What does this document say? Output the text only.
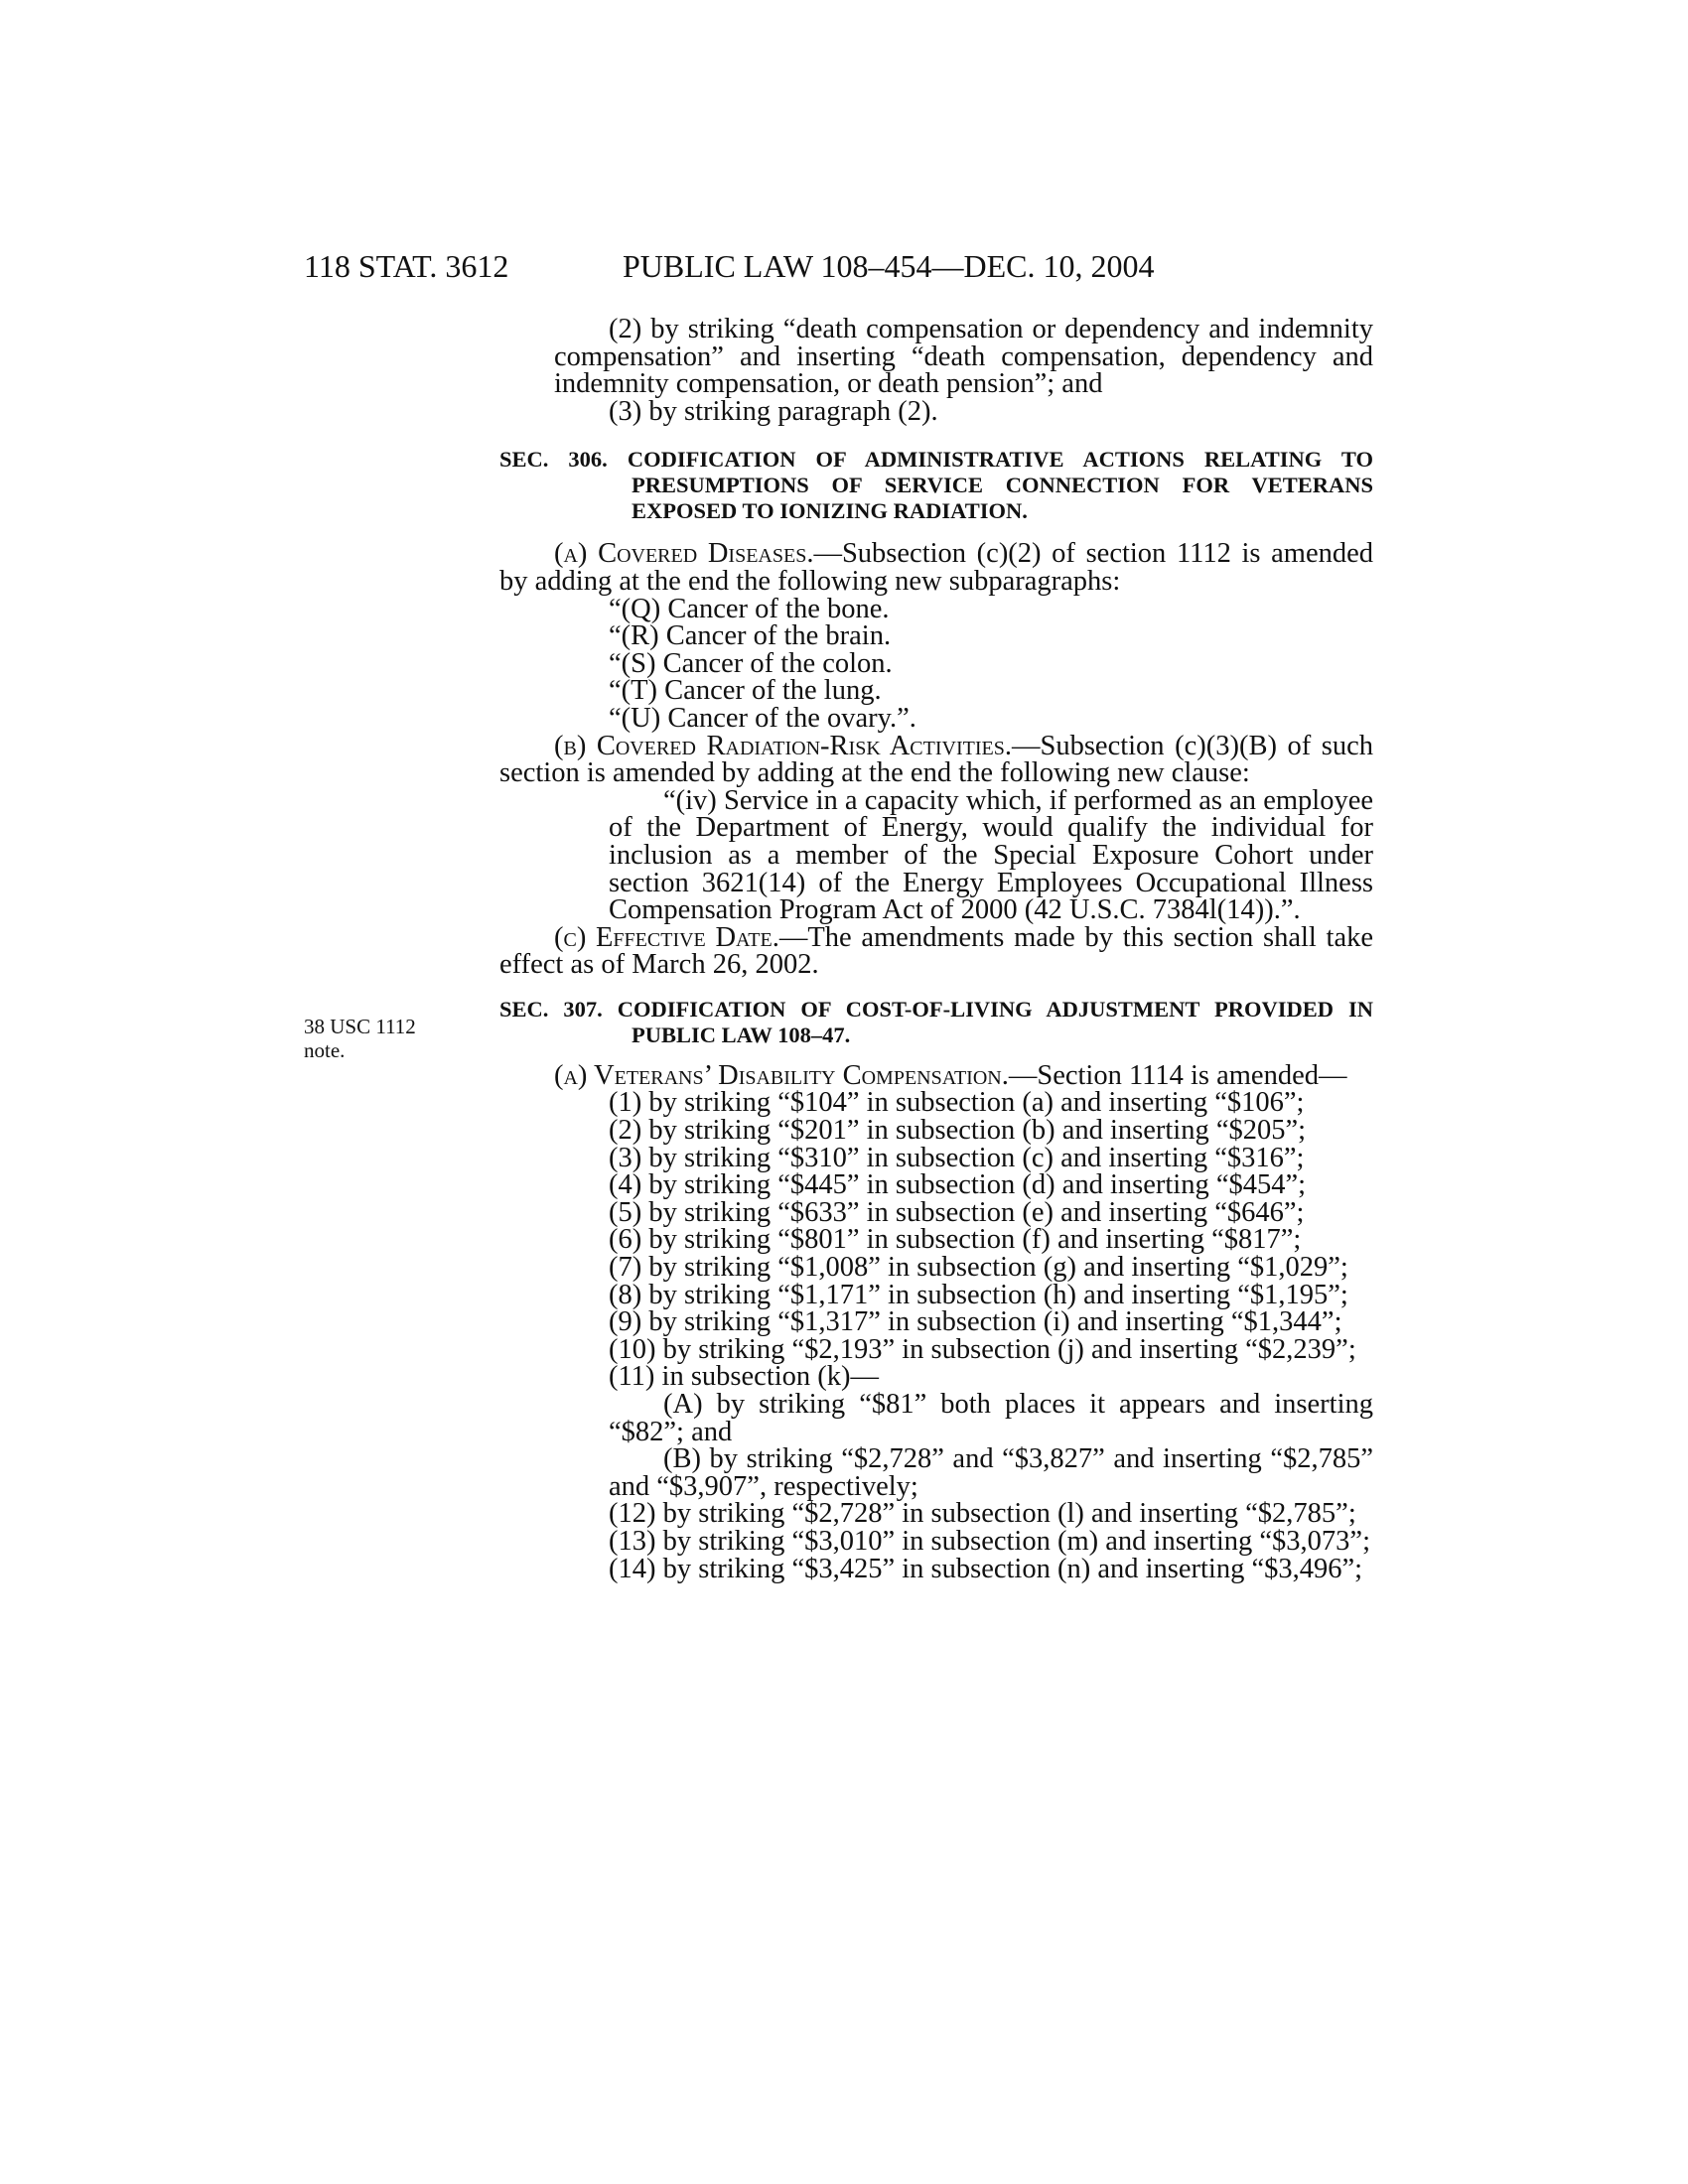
118 STAT. 3612	PUBLIC LAW 108–454—DEC. 10, 2004
38 USC 1112
note.

(2) by striking “death compensation or dependency and indemnity compensation” and inserting “death compensation, dependency and indemnity compensation, or death pension”; and

(3) by striking paragraph (2).

SEC. 306. CODIFICATION OF ADMINISTRATIVE ACTIONS RELATING TO PRESUMPTIONS OF SERVICE CONNECTION FOR VETERANS EXPOSED TO IONIZING RADIATION.

(a) Covered Diseases.—Subsection (c)(2) of section 1112 is amended by adding at the end the following new subparagraphs:

“(Q) Cancer of the bone.

“(R) Cancer of the brain.

“(S) Cancer of the colon.

“(T) Cancer of the lung.

“(U) Cancer of the ovary.”.

(b) Covered Radiation-Risk Activities.—Subsection (c)(3)(B) of such section is amended by adding at the end the following new clause:

“(iv) Service in a capacity which, if performed as an employee of the Department of Energy, would qualify the individual for inclusion as a member of the Special Exposure Cohort under section 3621(14) of the Energy Employees Occupational Illness Compensation Program Act of 2000 (42 U.S.C. 7384l(14)).”.

(c) Effective Date.—The amendments made by this section shall take effect as of March 26, 2002.

SEC. 307. CODIFICATION OF COST-OF-LIVING ADJUSTMENT PROVIDED IN PUBLIC LAW 108–47.

(a) Veterans’ Disability Compensation.—Section 1114 is amended—

(1) by striking “$104” in subsection (a) and inserting “$106”;

(2) by striking “$201” in subsection (b) and inserting “$205”;

(3) by striking “$310” in subsection (c) and inserting “$316”;

(4) by striking “$445” in subsection (d) and inserting “$454”;

(5) by striking “$633” in subsection (e) and inserting “$646”;

(6) by striking “$801” in subsection (f) and inserting “$817”;

(7) by striking “$1,008” in subsection (g) and inserting “$1,029”;

(8) by striking “$1,171” in subsection (h) and inserting “$1,195”;

(9) by striking “$1,317” in subsection (i) and inserting “$1,344”;

(10) by striking “$2,193” in subsection (j) and inserting “$2,239”;

(11) in subsection (k)—

(A) by striking “$81” both places it appears and inserting “$82”; and

(B) by striking “$2,728” and “$3,827” and inserting “$2,785” and “$3,907”, respectively;

(12) by striking “$2,728” in subsection (l) and inserting “$2,785”;

(13) by striking “$3,010” in subsection (m) and inserting “$3,073”;

(14) by striking “$3,425” in subsection (n) and inserting “$3,496”;
